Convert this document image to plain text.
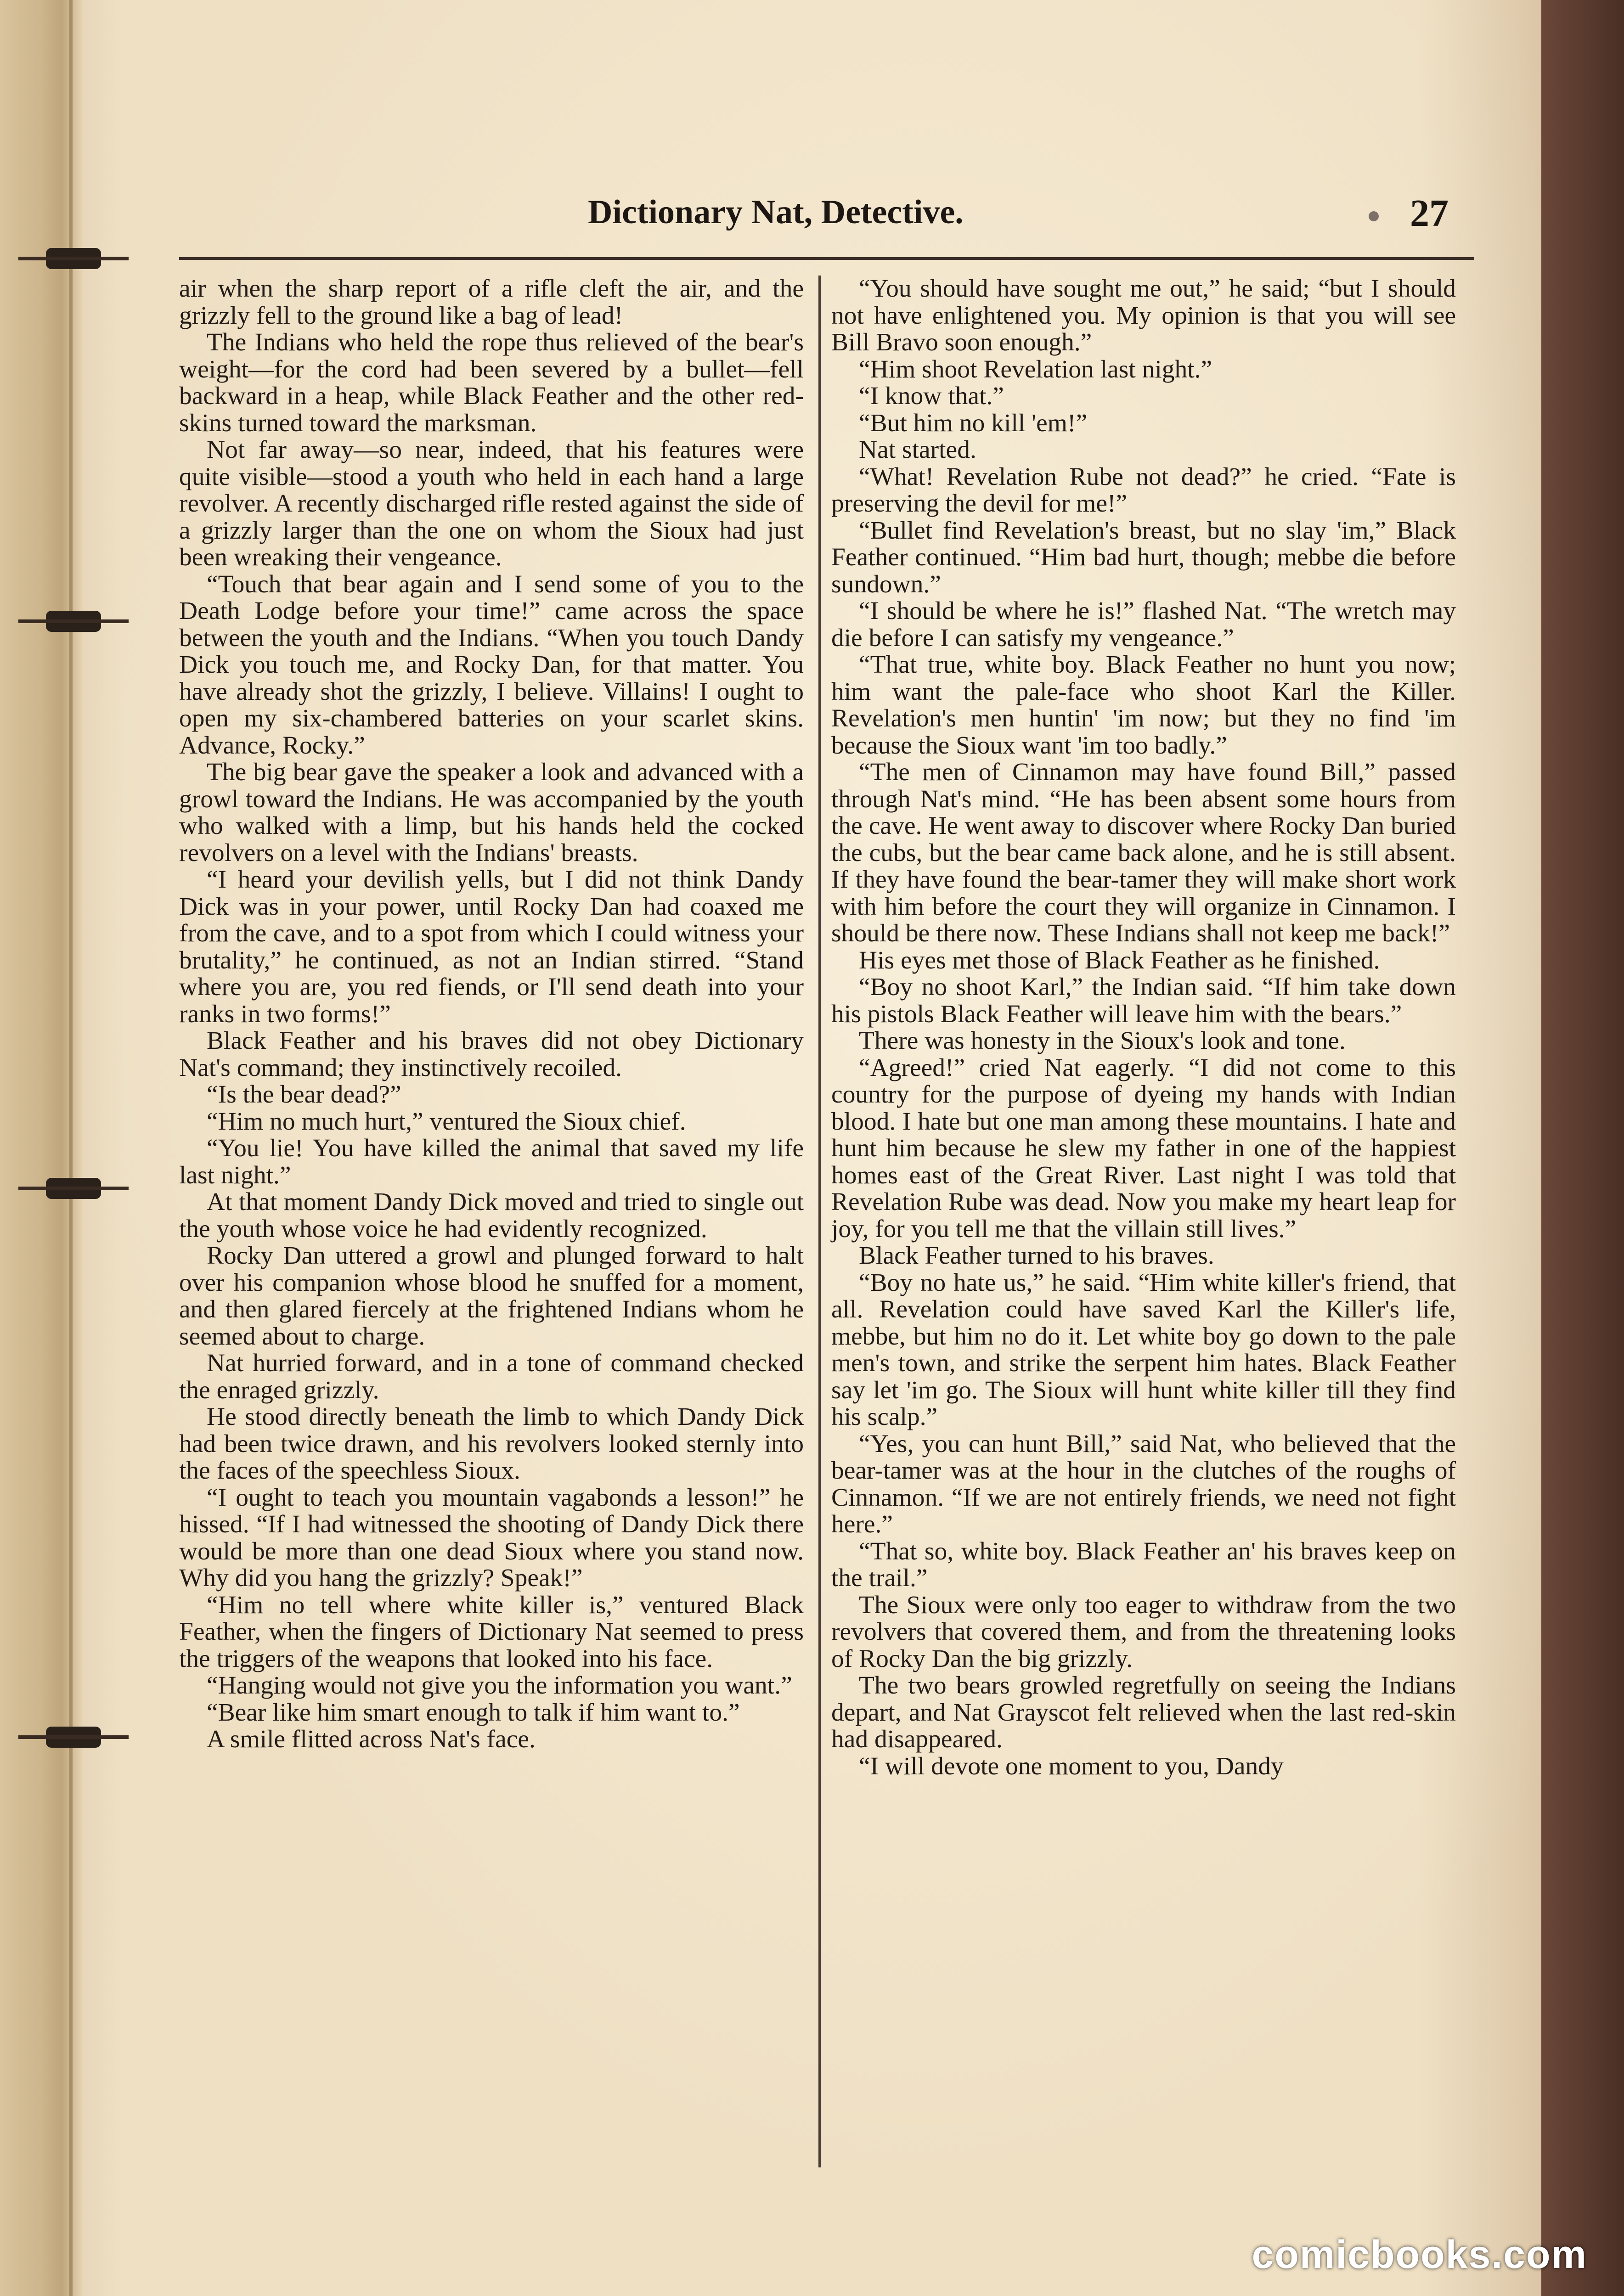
Dictionary Nat, Detective.	27

air when the sharp report of a rifle cleft the air, and the grizzly fell to the ground like a bag of lead!

The Indians who held the rope thus relieved of the bear's weight—for the cord had been severed by a bullet—fell backward in a heap, while Black Feather and the other red-skins turned toward the marksman.

Not far away—so near, indeed, that his features were quite visible—stood a youth who held in each hand a large revolver. A recently discharged rifle rested against the side of a grizzly larger than the one on whom the Sioux had just been wreaking their vengeance.

“Touch that bear again and I send some of you to the Death Lodge before your time!” came across the space between the youth and the Indians. “When you touch Dandy Dick you touch me, and Rocky Dan, for that matter. You have already shot the grizzly, I believe. Villains! I ought to open my six-chambered batteries on your scarlet skins. Advance, Rocky.”

The big bear gave the speaker a look and advanced with a growl toward the Indians. He was accompanied by the youth who walked with a limp, but his hands held the cocked revolvers on a level with the Indians' breasts.

“I heard your devilish yells, but I did not think Dandy Dick was in your power, until Rocky Dan had coaxed me from the cave, and to a spot from which I could witness your brutality,” he continued, as not an Indian stirred. “Stand where you are, you red fiends, or I'll send death into your ranks in two forms!”

Black Feather and his braves did not obey Dictionary Nat's command; they instinctively recoiled.

“Is the bear dead?”

“Him no much hurt,” ventured the Sioux chief.

“You lie! You have killed the animal that saved my life last night.”

At that moment Dandy Dick moved and tried to single out the youth whose voice he had evidently recognized.

Rocky Dan uttered a growl and plunged forward to halt over his companion whose blood he snuffed for a moment, and then glared fiercely at the frightened Indians whom he seemed about to charge.

Nat hurried forward, and in a tone of command checked the enraged grizzly.

He stood directly beneath the limb to which Dandy Dick had been twice drawn, and his revolvers looked sternly into the faces of the speechless Sioux.

“I ought to teach you mountain vagabonds a lesson!” he hissed. “If I had witnessed the shooting of Dandy Dick there would be more than one dead Sioux where you stand now. Why did you hang the grizzly? Speak!”

“Him no tell where white killer is,” ventured Black Feather, when the fingers of Dictionary Nat seemed to press the triggers of the weapons that looked into his face.

“Hanging would not give you the information you want.”

“Bear like him smart enough to talk if him want to.”

A smile flitted across Nat's face.

“You should have sought me out,” he said; “but I should not have enlightened you. My opinion is that you will see Bill Bravo soon enough.”

“Him shoot Revelation last night.”

“I know that.”

“But him no kill 'em!”

Nat started.

“What! Revelation Rube not dead?” he cried. “Fate is preserving the devil for me!”

“Bullet find Revelation's breast, but no slay 'im,” Black Feather continued. “Him bad hurt, though; mebbe die before sundown.”

“I should be where he is!” flashed Nat. “The wretch may die before I can satisfy my vengeance.”

“That true, white boy. Black Feather no hunt you now; him want the pale-face who shoot Karl the Killer. Revelation's men huntin' 'im now; but they no find 'im because the Sioux want 'im too badly.”

“The men of Cinnamon may have found Bill,” passed through Nat's mind. “He has been absent some hours from the cave. He went away to discover where Rocky Dan buried the cubs, but the bear came back alone, and he is still absent. If they have found the bear-tamer they will make short work with him before the court they will organize in Cinnamon. I should be there now. These Indians shall not keep me back!”

His eyes met those of Black Feather as he finished.

“Boy no shoot Karl,” the Indian said. “If him take down his pistols Black Feather will leave him with the bears.”

There was honesty in the Sioux's look and tone.

“Agreed!” cried Nat eagerly. “I did not come to this country for the purpose of dyeing my hands with Indian blood. I hate but one man among these mountains. I hate and hunt him because he slew my father in one of the happiest homes east of the Great River. Last night I was told that Revelation Rube was dead. Now you make my heart leap for joy, for you tell me that the villain still lives.”

Black Feather turned to his braves.

“Boy no hate us,” he said. “Him white killer's friend, that all. Revelation could have saved Karl the Killer's life, mebbe, but him no do it. Let white boy go down to the pale men's town, and strike the serpent him hates. Black Feather say let 'im go. The Sioux will hunt white killer till they find his scalp.”

“Yes, you can hunt Bill,” said Nat, who believed that the bear-tamer was at the hour in the clutches of the roughs of Cinnamon. “If we are not entirely friends, we need not fight here.”

“That so, white boy. Black Feather an' his braves keep on the trail.”

The Sioux were only too eager to withdraw from the two revolvers that covered them, and from the threatening looks of Rocky Dan the big grizzly.

The two bears growled regretfully on seeing the Indians depart, and Nat Grayscot felt relieved when the last red-skin had disappeared.

“I will devote one moment to you, Dandy

comicbooks.com
